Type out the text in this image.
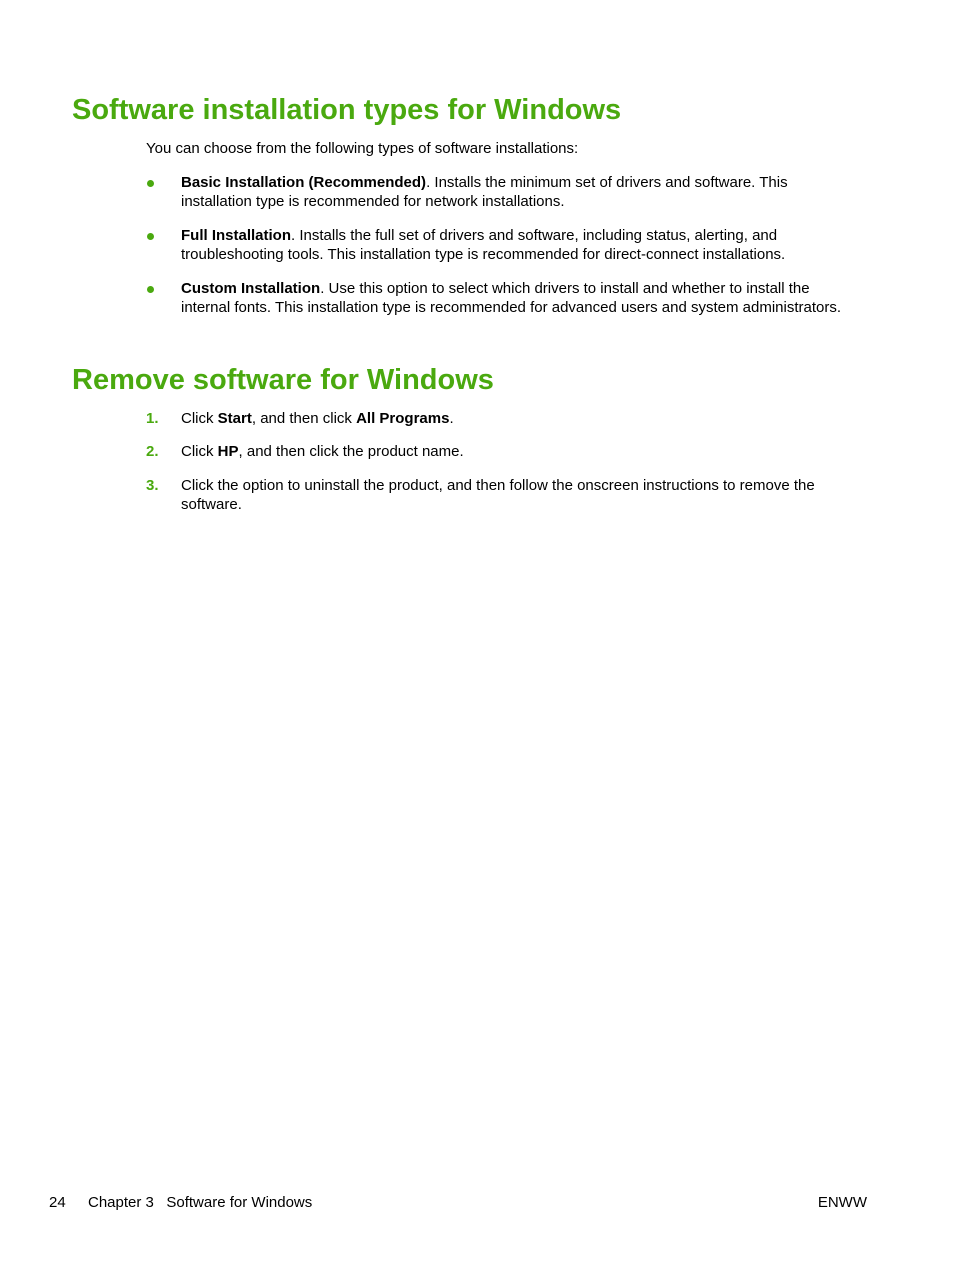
Software installation types for Windows

You can choose from the following types of software installations:

Basic Installation (Recommended). Installs the minimum set of drivers and software. This installation type is recommended for network installations.
Full Installation. Installs the full set of drivers and software, including status, alerting, and troubleshooting tools. This installation type is recommended for direct-connect installations.
Custom Installation. Use this option to select which drivers to install and whether to install the internal fonts. This installation type is recommended for advanced users and system administrators.
Remove software for Windows
1.	Click Start, and then click All Programs.
2.	Click HP, and then click the product name.
3.	Click the option to uninstall the product, and then follow the onscreen instructions to remove the software.
24 Chapter 3   Software for Windows	ENWW
